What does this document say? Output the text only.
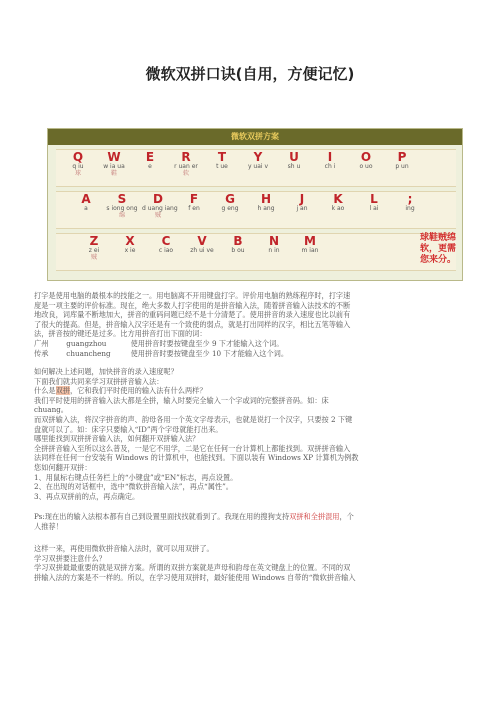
微软双拼口诀(自用，方便记忆)
微软双拼方案
Q
q iu
球
W
w ia ua
鞋
E
e
R
r uan er
软
T
t ue
Y
y uai v
U
sh u
I
ch i
O
o uo
P
p un
A
a
S
s iong ong
绵
D
d uang iang
贼
F
f en
G
g eng
H
h ang
J
j an
K
k ao
L
l ai
;
ing
Z
z ei
贼
X
x ie
C
c iao
V
zh ui ve
B
b ou
N
n in
M
m ian
球鞋贼绵软，更需您来分。
打字是使用电脑的最根本的技能之一。用电脑离不开用键盘打字。评价用电脑的熟练程序时，打字速
度是一项主要的评价标准。现在，绝大多数人打字使用的是拼音输入法，随着拼音输入法技术的不断
地改良，词库量不断地加大，拼音的重码问题已经不是十分清楚了。使用拼音的录入速度也比以前有
了很大的提高。但是，拼音输入汉字还是有一个致使的弱点，就是打出同样的汉字，相比五笔等输入
法，拼音按的键还是过多。比方用拼音打出下面的词：
广州 guangzhou	使用拼音时要按键盘至少 9 下才能输入这个词。
传承 chuancheng	使用拼音时要按键盘至少 10 下才能输入这个词。
如何解决上述问题，加快拼音的录入速度呢？
下面我们就共同来学习双拼拼音输入法：
什么是双拼，它和我们平时使用的输入法有什么两样？
我们平时使用的拼音输入法大都是全拼，输入时要完全输入一个字或词的完整拼音码。如：床
chuang。
而双拼输入法，将汉字拼音的声、韵母各用一个英文字母表示，也就是说打一个汉字，只要按 2 下键
盘就可以了。如：床字只要输入“ID”两个字母就能打出来。
哪里能找到双拼拼音输入法，如何翻开双拼输入法？
全拼拼音输入至所以这么普及，一是它不用学，二是它在任何一台计算机上都能找到。双拼拼音输入
法同样在任何一台安装有 Windows 的计算机中，也能找到。下面以装有 Windows XP 计算机为例教
您如何翻开双拼：
1、用鼠标右键点任务栏上的“小键盘”或“EN”标志，再点设置。
2、在出现的对话框中，选中“微软拼音输入法”，再点“属性”。
3、再点双拼前的点，再点确定。
Ps:现在出的输入法根本都有自己到设置里面找找就看到了。我现在用的搜狗支持双拼和全拼混用，个
人推荐！
这样一来，再使用微软拼音输入法时，就可以用双拼了。
学习双拼要注意什么？
学习双拼最最重要的就是双拼方案。所谓的双拼方案就是声母和韵母在英文键盘上的位置。不同的双
拼输入法的方案是不一样的。所以，在学习使用双拼时，最好能使用 Windows 自带的“微软拼音输入
